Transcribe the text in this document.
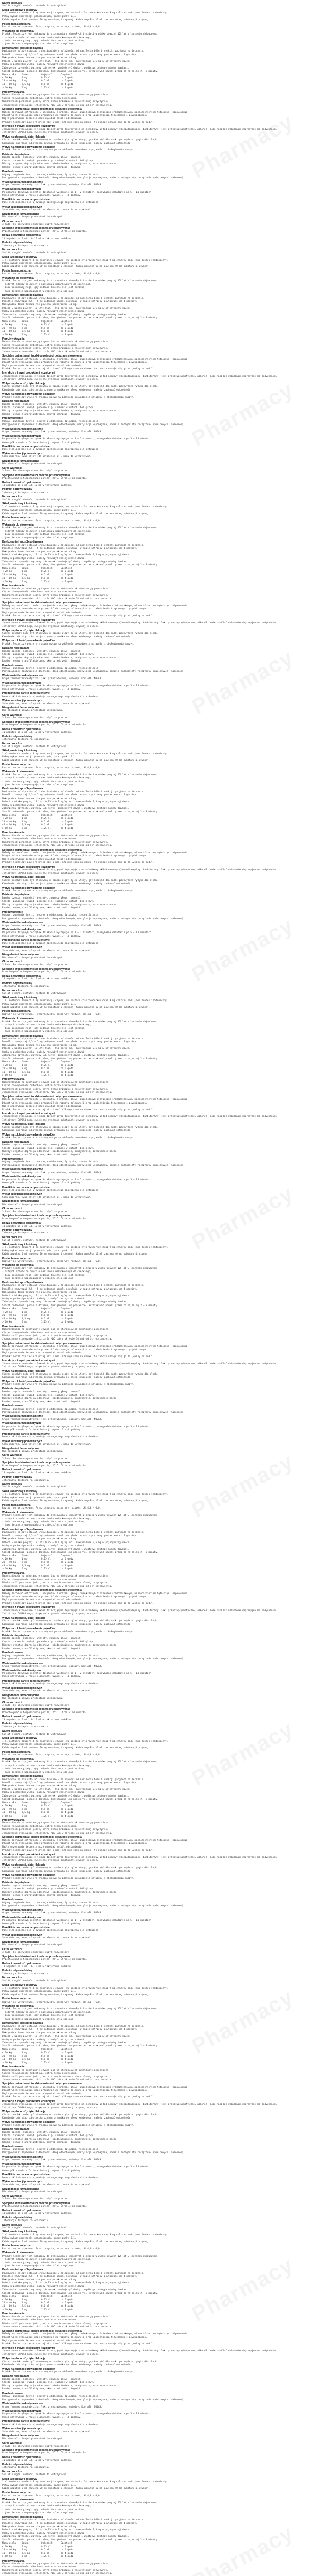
Nazwa produktu
Sunlit N mg/ml roztwór, roztwór do wstrzykiwań
Skład jakościowy i ilościowy
1 ml roztworu zawiera 4 mg substancji czynnej (w postaci chlorowodorku) oraz 9 mg chlorku sodu jako środek izotoniczny.
Pełny wykaz substancji pomocniczych, patrz punkt 6.1.
Każda ampułka 5 ml zawiera 20 mg substancji czynnej. Każda ampułka 10 ml zawiera 40 mg substancji czynnej.
Postać farmaceutyczna
Roztwór do wstrzykiwań. Przezroczysty, bezbarwny roztwór, pH 4,0 – 6,0.
Wskazania do stosowania
Produkt leczniczy jest wskazany do stosowania u dorosłych i dzieci w wieku powyżej 12 lat w leczeniu objawowym:
- ostrych stanów bólowych o nasileniu umiarkowanym do ciężkiego,
- bólu pooperacyjnego, gdy podanie doustne nie jest możliwe,
- jako leczenie wspomagające w znieczuleniu ogólnym.
Dawkowanie i sposób podawania
Dawkowanie należy ustalać indywidualnie w zależności od nasilenia bólu i reakcji pacjenta na leczenie.
Dorośli: zazwyczaj 2,5 – 5 mg podawane powoli dożylnie, w razie potrzeby powtarzane co 4 godziny.
Maksymalna dawka dobowa nie powinna przekraczać 40 mg.
Dzieci w wieku powyżej 12 lat: 0,05 – 0,1 mg/kg mc., maksymalnie 2,5 mg w pojedynczej dawce.
Osoby w podeszłym wieku: należy rozważyć zmniejszenie dawki.
Zaburzenia czynności wątroby lub nerek: zmniejszyć dawkę i wydłużyć odstępy między dawkami.
Sposób podawania: podanie dożylne, domięśniowe lub podskórne. Wstrzykiwać powoli przez co najmniej 2 – 3 minuty.
Masa ciała    Dawka         Objętość      Częstość
< 20 kg       1 mg          0,25 ml       co 6 godz.
20 – 40 kg    2 mg          0,5 ml        co 6 godz.
40 – 60 kg    2,5 mg        0,6 ml        co 4 godz.
> 60 kg       5 mg          1,25 ml       co 4 godz.
Przeciwwskazania
Nadwrażliwość na substancję czynną lub na którąkolwiek substancję pomocniczą.
Ciężka niewydolność oddechowa, ostra astma oskrzelowa.
Niedrożność porażenna jelit, ostre stany brzuszne o nieustalonej przyczynie.
Jednoczesne stosowanie inhibitorów MAO lub w okresie 14 dni od ich odstawienia.
Specjalne ostrzeżenia i środki ostrożności dotyczące stosowania
Należy zachować ostrożność u pacjentów z urazami głowy, zwiększonym ciśnieniem śródczaszkowym, niedociśnieniem tętniczym, hipowolemią.
Długotrwałe stosowanie może prowadzić do rozwoju tolerancji oraz uzależnienia fizycznego i psychicznego.
Nagłe przerwanie leczenia może wywołać zespół odstawienia.
Produkt leczniczy zawiera mniej niż 1 mmol (23 mg) sodu na dawkę, to znaczy uznaje się go za „wolny od sodu”.
Interakcje z innymi produktami leczniczymi
Jednoczesne stosowanie z lekami działającymi depresyjnie na ośrodkowy układ nerwowy (benzodiazepiny, barbiturany, leki przeciwpsychotyczne, alkohol) może nasilać działanie depresyjne na oddychanie.
Inhibitory CYP3A4 mogą zwiększać stężenie substancji czynnej w osoczu.
Wpływ na płodność, ciążę i laktację
Ciąża: produkt może być stosowany w czasie ciąży tylko wtedy, gdy korzyść dla matki przewyższa ryzyko dla płodu.
Karmienie piersią: substancja czynna przenika do mleka kobiecego; należy zachować ostrożność.
Wpływ na zdolność prowadzenia pojazdów
Produkt leczniczy wywiera znaczny wpływ na zdolność prowadzenia pojazdów i obsługiwania maszyn.
Działania niepożądane
Bardzo często: nudności, wymioty, zawroty głowy, senność.
Często: zaparcia, świąd, pocenie się, suchość w ustach, ból głowy.
Niezbyt często: depresja oddechowa, niedociśnienie, bradykardia, zatrzymanie moczu.
Rzadko: reakcje anafilaktyczne, skurcz oskrzeli, drgawki.
Przedawkowanie
Objawy: zwężenie źrenic, depresja oddechowa, śpiączka, niedociśnienie.
Postępowanie: zapewnienie drożności dróg oddechowych, wentylacja wspomagana, podanie antagonisty receptorów opioidowych (nalokson).
Właściwości farmakodynamiczne
Grupa farmakoterapeutyczna: leki przeciwbólowe, opioidy. Kod ATC: N02AB.
Właściwości farmakokinetyczne
Po podaniu dożylnym początek działania występuje po 1 – 2 minutach, maksymalne działanie po 5 – 10 minutach.
Okres półtrwania w fazie eliminacji wynosi 3 – 4 godziny.
Przedkliniczne dane o bezpieczeństwie
Dane niekliniczne nie ujawniają szczególnego zagrożenia dla człowieka.
Wykaz substancji pomocniczych
Sodu chlorek, kwas solny (do ustalenia pH), woda do wstrzykiwań.
Niezgodności farmaceutyczne
Nie mieszać z innymi produktami leczniczymi.
Okres ważności
3 lata. Po pierwszym otwarciu: zużyć natychmiast.
Specjalne środki ostrożności podczas przechowywania
Przechowywać w temperaturze poniżej 25°C. Chronić od światła.
Rodzaj i zawartość opakowania
10 ampułek po 5 ml lub 10 ml w tekturowym pudełku.
Podmiot odpowiedzialny
Informacja dostępna na opakowaniu.
Nazwa produktu
Sunlit N mg/ml roztwór, roztwór do wstrzykiwań
Skład jakościowy i ilościowy
1 ml roztworu zawiera 4 mg substancji czynnej (w postaci chlorowodorku) oraz 9 mg chlorku sodu jako środek izotoniczny.
Pełny wykaz substancji pomocniczych, patrz punkt 6.1.
Każda ampułka 5 ml zawiera 20 mg substancji czynnej. Każda ampułka 10 ml zawiera 40 mg substancji czynnej.
Postać farmaceutyczna
Roztwór do wstrzykiwań. Przezroczysty, bezbarwny roztwór, pH 4,0 – 6,0.
Wskazania do stosowania
Produkt leczniczy jest wskazany do stosowania u dorosłych i dzieci w wieku powyżej 12 lat w leczeniu objawowym:
- ostrych stanów bólowych o nasileniu umiarkowanym do ciężkiego,
- bólu pooperacyjnego, gdy podanie doustne nie jest możliwe,
- jako leczenie wspomagające w znieczuleniu ogólnym.
Dawkowanie i sposób podawania
Dawkowanie należy ustalać indywidualnie w zależności od nasilenia bólu i reakcji pacjenta na leczenie.
Dorośli: zazwyczaj 2,5 – 5 mg podawane powoli dożylnie, w razie potrzeby powtarzane co 4 godziny.
Maksymalna dawka dobowa nie powinna przekraczać 40 mg.
Dzieci w wieku powyżej 12 lat: 0,05 – 0,1 mg/kg mc., maksymalnie 2,5 mg w pojedynczej dawce.
Osoby w podeszłym wieku: należy rozważyć zmniejszenie dawki.
Zaburzenia czynności wątroby lub nerek: zmniejszyć dawkę i wydłużyć odstępy między dawkami.
Sposób podawania: podanie dożylne, domięśniowe lub podskórne. Wstrzykiwać powoli przez co najmniej 2 – 3 minuty.
Masa ciała    Dawka         Objętość      Częstość
< 20 kg       1 mg          0,25 ml       co 6 godz.
20 – 40 kg    2 mg          0,5 ml        co 6 godz.
40 – 60 kg    2,5 mg        0,6 ml        co 4 godz.
> 60 kg       5 mg          1,25 ml       co 4 godz.
Przeciwwskazania
Nadwrażliwość na substancję czynną lub na którąkolwiek substancję pomocniczą.
Ciężka niewydolność oddechowa, ostra astma oskrzelowa.
Niedrożność porażenna jelit, ostre stany brzuszne o nieustalonej przyczynie.
Jednoczesne stosowanie inhibitorów MAO lub w okresie 14 dni od ich odstawienia.
Specjalne ostrzeżenia i środki ostrożności dotyczące stosowania
Należy zachować ostrożność u pacjentów z urazami głowy, zwiększonym ciśnieniem śródczaszkowym, niedociśnieniem tętniczym, hipowolemią.
Długotrwałe stosowanie może prowadzić do rozwoju tolerancji oraz uzależnienia fizycznego i psychicznego.
Nagłe przerwanie leczenia może wywołać zespół odstawienia.
Produkt leczniczy zawiera mniej niż 1 mmol (23 mg) sodu na dawkę, to znaczy uznaje się go za „wolny od sodu”.
Interakcje z innymi produktami leczniczymi
Jednoczesne stosowanie z lekami działającymi depresyjnie na ośrodkowy układ nerwowy (benzodiazepiny, barbiturany, leki przeciwpsychotyczne, alkohol) może nasilać działanie depresyjne na oddychanie.
Inhibitory CYP3A4 mogą zwiększać stężenie substancji czynnej w osoczu.
Wpływ na płodność, ciążę i laktację
Ciąża: produkt może być stosowany w czasie ciąży tylko wtedy, gdy korzyść dla matki przewyższa ryzyko dla płodu.
Karmienie piersią: substancja czynna przenika do mleka kobiecego; należy zachować ostrożność.
Wpływ na zdolność prowadzenia pojazdów
Produkt leczniczy wywiera znaczny wpływ na zdolność prowadzenia pojazdów i obsługiwania maszyn.
Działania niepożądane
Bardzo często: nudności, wymioty, zawroty głowy, senność.
Często: zaparcia, świąd, pocenie się, suchość w ustach, ból głowy.
Niezbyt często: depresja oddechowa, niedociśnienie, bradykardia, zatrzymanie moczu.
Rzadko: reakcje anafilaktyczne, skurcz oskrzeli, drgawki.
Przedawkowanie
Objawy: zwężenie źrenic, depresja oddechowa, śpiączka, niedociśnienie.
Postępowanie: zapewnienie drożności dróg oddechowych, wentylacja wspomagana, podanie antagonisty receptorów opioidowych (nalokson).
Właściwości farmakodynamiczne
Grupa farmakoterapeutyczna: leki przeciwbólowe, opioidy. Kod ATC: N02AB.
Właściwości farmakokinetyczne
Po podaniu dożylnym początek działania występuje po 1 – 2 minutach, maksymalne działanie po 5 – 10 minutach.
Okres półtrwania w fazie eliminacji wynosi 3 – 4 godziny.
Przedkliniczne dane o bezpieczeństwie
Dane niekliniczne nie ujawniają szczególnego zagrożenia dla człowieka.
Wykaz substancji pomocniczych
Sodu chlorek, kwas solny (do ustalenia pH), woda do wstrzykiwań.
Niezgodności farmaceutyczne
Nie mieszać z innymi produktami leczniczymi.
Okres ważności
3 lata. Po pierwszym otwarciu: zużyć natychmiast.
Specjalne środki ostrożności podczas przechowywania
Przechowywać w temperaturze poniżej 25°C. Chronić od światła.
Rodzaj i zawartość opakowania
10 ampułek po 5 ml lub 10 ml w tekturowym pudełku.
Podmiot odpowiedzialny
Informacja dostępna na opakowaniu.
Nazwa produktu
Sunlit N mg/ml roztwór, roztwór do wstrzykiwań
Skład jakościowy i ilościowy
1 ml roztworu zawiera 4 mg substancji czynnej (w postaci chlorowodorku) oraz 9 mg chlorku sodu jako środek izotoniczny.
Pełny wykaz substancji pomocniczych, patrz punkt 6.1.
Każda ampułka 5 ml zawiera 20 mg substancji czynnej. Każda ampułka 10 ml zawiera 40 mg substancji czynnej.
Postać farmaceutyczna
Roztwór do wstrzykiwań. Przezroczysty, bezbarwny roztwór, pH 4,0 – 6,0.
Wskazania do stosowania
Produkt leczniczy jest wskazany do stosowania u dorosłych i dzieci w wieku powyżej 12 lat w leczeniu objawowym:
- ostrych stanów bólowych o nasileniu umiarkowanym do ciężkiego,
- bólu pooperacyjnego, gdy podanie doustne nie jest możliwe,
- jako leczenie wspomagające w znieczuleniu ogólnym.
Dawkowanie i sposób podawania
Dawkowanie należy ustalać indywidualnie w zależności od nasilenia bólu i reakcji pacjenta na leczenie.
Dorośli: zazwyczaj 2,5 – 5 mg podawane powoli dożylnie, w razie potrzeby powtarzane co 4 godziny.
Maksymalna dawka dobowa nie powinna przekraczać 40 mg.
Dzieci w wieku powyżej 12 lat: 0,05 – 0,1 mg/kg mc., maksymalnie 2,5 mg w pojedynczej dawce.
Osoby w podeszłym wieku: należy rozważyć zmniejszenie dawki.
Zaburzenia czynności wątroby lub nerek: zmniejszyć dawkę i wydłużyć odstępy między dawkami.
Sposób podawania: podanie dożylne, domięśniowe lub podskórne. Wstrzykiwać powoli przez co najmniej 2 – 3 minuty.
Masa ciała    Dawka         Objętość      Częstość
< 20 kg       1 mg          0,25 ml       co 6 godz.
20 – 40 kg    2 mg          0,5 ml        co 6 godz.
40 – 60 kg    2,5 mg        0,6 ml        co 4 godz.
> 60 kg       5 mg          1,25 ml       co 4 godz.
Przeciwwskazania
Nadwrażliwość na substancję czynną lub na którąkolwiek substancję pomocniczą.
Ciężka niewydolność oddechowa, ostra astma oskrzelowa.
Niedrożność porażenna jelit, ostre stany brzuszne o nieustalonej przyczynie.
Jednoczesne stosowanie inhibitorów MAO lub w okresie 14 dni od ich odstawienia.
Specjalne ostrzeżenia i środki ostrożności dotyczące stosowania
Należy zachować ostrożność u pacjentów z urazami głowy, zwiększonym ciśnieniem śródczaszkowym, niedociśnieniem tętniczym, hipowolemią.
Długotrwałe stosowanie może prowadzić do rozwoju tolerancji oraz uzależnienia fizycznego i psychicznego.
Nagłe przerwanie leczenia może wywołać zespół odstawienia.
Produkt leczniczy zawiera mniej niż 1 mmol (23 mg) sodu na dawkę, to znaczy uznaje się go za „wolny od sodu”.
Interakcje z innymi produktami leczniczymi
Jednoczesne stosowanie z lekami działającymi depresyjnie na ośrodkowy układ nerwowy (benzodiazepiny, barbiturany, leki przeciwpsychotyczne, alkohol) może nasilać działanie depresyjne na oddychanie.
Inhibitory CYP3A4 mogą zwiększać stężenie substancji czynnej w osoczu.
Wpływ na płodność, ciążę i laktację
Ciąża: produkt może być stosowany w czasie ciąży tylko wtedy, gdy korzyść dla matki przewyższa ryzyko dla płodu.
Karmienie piersią: substancja czynna przenika do mleka kobiecego; należy zachować ostrożność.
Wpływ na zdolność prowadzenia pojazdów
Produkt leczniczy wywiera znaczny wpływ na zdolność prowadzenia pojazdów i obsługiwania maszyn.
Działania niepożądane
Bardzo często: nudności, wymioty, zawroty głowy, senność.
Często: zaparcia, świąd, pocenie się, suchość w ustach, ból głowy.
Niezbyt często: depresja oddechowa, niedociśnienie, bradykardia, zatrzymanie moczu.
Rzadko: reakcje anafilaktyczne, skurcz oskrzeli, drgawki.
Przedawkowanie
Objawy: zwężenie źrenic, depresja oddechowa, śpiączka, niedociśnienie.
Postępowanie: zapewnienie drożności dróg oddechowych, wentylacja wspomagana, podanie antagonisty receptorów opioidowych (nalokson).
Właściwości farmakodynamiczne
Grupa farmakoterapeutyczna: leki przeciwbólowe, opioidy. Kod ATC: N02AB.
Właściwości farmakokinetyczne
Po podaniu dożylnym początek działania występuje po 1 – 2 minutach, maksymalne działanie po 5 – 10 minutach.
Okres półtrwania w fazie eliminacji wynosi 3 – 4 godziny.
Przedkliniczne dane o bezpieczeństwie
Dane niekliniczne nie ujawniają szczególnego zagrożenia dla człowieka.
Wykaz substancji pomocniczych
Sodu chlorek, kwas solny (do ustalenia pH), woda do wstrzykiwań.
Niezgodności farmaceutyczne
Nie mieszać z innymi produktami leczniczymi.
Okres ważności
3 lata. Po pierwszym otwarciu: zużyć natychmiast.
Specjalne środki ostrożności podczas przechowywania
Przechowywać w temperaturze poniżej 25°C. Chronić od światła.
Rodzaj i zawartość opakowania
10 ampułek po 5 ml lub 10 ml w tekturowym pudełku.
Podmiot odpowiedzialny
Informacja dostępna na opakowaniu.
Nazwa produktu
Sunlit N mg/ml roztwór, roztwór do wstrzykiwań
Skład jakościowy i ilościowy
1 ml roztworu zawiera 4 mg substancji czynnej (w postaci chlorowodorku) oraz 9 mg chlorku sodu jako środek izotoniczny.
Pełny wykaz substancji pomocniczych, patrz punkt 6.1.
Każda ampułka 5 ml zawiera 20 mg substancji czynnej. Każda ampułka 10 ml zawiera 40 mg substancji czynnej.
Postać farmaceutyczna
Roztwór do wstrzykiwań. Przezroczysty, bezbarwny roztwór, pH 4,0 – 6,0.
Wskazania do stosowania
Produkt leczniczy jest wskazany do stosowania u dorosłych i dzieci w wieku powyżej 12 lat w leczeniu objawowym:
- ostrych stanów bólowych o nasileniu umiarkowanym do ciężkiego,
- bólu pooperacyjnego, gdy podanie doustne nie jest możliwe,
- jako leczenie wspomagające w znieczuleniu ogólnym.
Dawkowanie i sposób podawania
Dawkowanie należy ustalać indywidualnie w zależności od nasilenia bólu i reakcji pacjenta na leczenie.
Dorośli: zazwyczaj 2,5 – 5 mg podawane powoli dożylnie, w razie potrzeby powtarzane co 4 godziny.
Maksymalna dawka dobowa nie powinna przekraczać 40 mg.
Dzieci w wieku powyżej 12 lat: 0,05 – 0,1 mg/kg mc., maksymalnie 2,5 mg w pojedynczej dawce.
Osoby w podeszłym wieku: należy rozważyć zmniejszenie dawki.
Zaburzenia czynności wątroby lub nerek: zmniejszyć dawkę i wydłużyć odstępy między dawkami.
Sposób podawania: podanie dożylne, domięśniowe lub podskórne. Wstrzykiwać powoli przez co najmniej 2 – 3 minuty.
Masa ciała    Dawka         Objętość      Częstość
< 20 kg       1 mg          0,25 ml       co 6 godz.
20 – 40 kg    2 mg          0,5 ml        co 6 godz.
40 – 60 kg    2,5 mg        0,6 ml        co 4 godz.
> 60 kg       5 mg          1,25 ml       co 4 godz.
Przeciwwskazania
Nadwrażliwość na substancję czynną lub na którąkolwiek substancję pomocniczą.
Ciężka niewydolność oddechowa, ostra astma oskrzelowa.
Niedrożność porażenna jelit, ostre stany brzuszne o nieustalonej przyczynie.
Jednoczesne stosowanie inhibitorów MAO lub w okresie 14 dni od ich odstawienia.
Specjalne ostrzeżenia i środki ostrożności dotyczące stosowania
Należy zachować ostrożność u pacjentów z urazami głowy, zwiększonym ciśnieniem śródczaszkowym, niedociśnieniem tętniczym, hipowolemią.
Długotrwałe stosowanie może prowadzić do rozwoju tolerancji oraz uzależnienia fizycznego i psychicznego.
Nagłe przerwanie leczenia może wywołać zespół odstawienia.
Produkt leczniczy zawiera mniej niż 1 mmol (23 mg) sodu na dawkę, to znaczy uznaje się go za „wolny od sodu”.
Interakcje z innymi produktami leczniczymi
Jednoczesne stosowanie z lekami działającymi depresyjnie na ośrodkowy układ nerwowy (benzodiazepiny, barbiturany, leki przeciwpsychotyczne, alkohol) może nasilać działanie depresyjne na oddychanie.
Inhibitory CYP3A4 mogą zwiększać stężenie substancji czynnej w osoczu.
Wpływ na płodność, ciążę i laktację
Ciąża: produkt może być stosowany w czasie ciąży tylko wtedy, gdy korzyść dla matki przewyższa ryzyko dla płodu.
Karmienie piersią: substancja czynna przenika do mleka kobiecego; należy zachować ostrożność.
Wpływ na zdolność prowadzenia pojazdów
Produkt leczniczy wywiera znaczny wpływ na zdolność prowadzenia pojazdów i obsługiwania maszyn.
Działania niepożądane
Bardzo często: nudności, wymioty, zawroty głowy, senność.
Często: zaparcia, świąd, pocenie się, suchość w ustach, ból głowy.
Niezbyt często: depresja oddechowa, niedociśnienie, bradykardia, zatrzymanie moczu.
Rzadko: reakcje anafilaktyczne, skurcz oskrzeli, drgawki.
Przedawkowanie
Objawy: zwężenie źrenic, depresja oddechowa, śpiączka, niedociśnienie.
Postępowanie: zapewnienie drożności dróg oddechowych, wentylacja wspomagana, podanie antagonisty receptorów opioidowych (nalokson).
Właściwości farmakodynamiczne
Grupa farmakoterapeutyczna: leki przeciwbólowe, opioidy. Kod ATC: N02AB.
Właściwości farmakokinetyczne
Po podaniu dożylnym początek działania występuje po 1 – 2 minutach, maksymalne działanie po 5 – 10 minutach.
Okres półtrwania w fazie eliminacji wynosi 3 – 4 godziny.
Przedkliniczne dane o bezpieczeństwie
Dane niekliniczne nie ujawniają szczególnego zagrożenia dla człowieka.
Wykaz substancji pomocniczych
Sodu chlorek, kwas solny (do ustalenia pH), woda do wstrzykiwań.
Niezgodności farmaceutyczne
Nie mieszać z innymi produktami leczniczymi.
Okres ważności
3 lata. Po pierwszym otwarciu: zużyć natychmiast.
Specjalne środki ostrożności podczas przechowywania
Przechowywać w temperaturze poniżej 25°C. Chronić od światła.
Rodzaj i zawartość opakowania
10 ampułek po 5 ml lub 10 ml w tekturowym pudełku.
Podmiot odpowiedzialny
Informacja dostępna na opakowaniu.
Nazwa produktu
Sunlit N mg/ml roztwór, roztwór do wstrzykiwań
Skład jakościowy i ilościowy
1 ml roztworu zawiera 4 mg substancji czynnej (w postaci chlorowodorku) oraz 9 mg chlorku sodu jako środek izotoniczny.
Pełny wykaz substancji pomocniczych, patrz punkt 6.1.
Każda ampułka 5 ml zawiera 20 mg substancji czynnej. Każda ampułka 10 ml zawiera 40 mg substancji czynnej.
Postać farmaceutyczna
Roztwór do wstrzykiwań. Przezroczysty, bezbarwny roztwór, pH 4,0 – 6,0.
Wskazania do stosowania
Produkt leczniczy jest wskazany do stosowania u dorosłych i dzieci w wieku powyżej 12 lat w leczeniu objawowym:
- ostrych stanów bólowych o nasileniu umiarkowanym do ciężkiego,
- bólu pooperacyjnego, gdy podanie doustne nie jest możliwe,
- jako leczenie wspomagające w znieczuleniu ogólnym.
Dawkowanie i sposób podawania
Dawkowanie należy ustalać indywidualnie w zależności od nasilenia bólu i reakcji pacjenta na leczenie.
Dorośli: zazwyczaj 2,5 – 5 mg podawane powoli dożylnie, w razie potrzeby powtarzane co 4 godziny.
Maksymalna dawka dobowa nie powinna przekraczać 40 mg.
Dzieci w wieku powyżej 12 lat: 0,05 – 0,1 mg/kg mc., maksymalnie 2,5 mg w pojedynczej dawce.
Osoby w podeszłym wieku: należy rozważyć zmniejszenie dawki.
Zaburzenia czynności wątroby lub nerek: zmniejszyć dawkę i wydłużyć odstępy między dawkami.
Sposób podawania: podanie dożylne, domięśniowe lub podskórne. Wstrzykiwać powoli przez co najmniej 2 – 3 minuty.
Masa ciała    Dawka         Objętość      Częstość
< 20 kg       1 mg          0,25 ml       co 6 godz.
20 – 40 kg    2 mg          0,5 ml        co 6 godz.
40 – 60 kg    2,5 mg        0,6 ml        co 4 godz.
> 60 kg       5 mg          1,25 ml       co 4 godz.
Przeciwwskazania
Nadwrażliwość na substancję czynną lub na którąkolwiek substancję pomocniczą.
Ciężka niewydolność oddechowa, ostra astma oskrzelowa.
Niedrożność porażenna jelit, ostre stany brzuszne o nieustalonej przyczynie.
Jednoczesne stosowanie inhibitorów MAO lub w okresie 14 dni od ich odstawienia.
Specjalne ostrzeżenia i środki ostrożności dotyczące stosowania
Należy zachować ostrożność u pacjentów z urazami głowy, zwiększonym ciśnieniem śródczaszkowym, niedociśnieniem tętniczym, hipowolemią.
Długotrwałe stosowanie może prowadzić do rozwoju tolerancji oraz uzależnienia fizycznego i psychicznego.
Nagłe przerwanie leczenia może wywołać zespół odstawienia.
Produkt leczniczy zawiera mniej niż 1 mmol (23 mg) sodu na dawkę, to znaczy uznaje się go za „wolny od sodu”.
Interakcje z innymi produktami leczniczymi
Jednoczesne stosowanie z lekami działającymi depresyjnie na ośrodkowy układ nerwowy (benzodiazepiny, barbiturany, leki przeciwpsychotyczne, alkohol) może nasilać działanie depresyjne na oddychanie.
Inhibitory CYP3A4 mogą zwiększać stężenie substancji czynnej w osoczu.
Wpływ na płodność, ciążę i laktację
Ciąża: produkt może być stosowany w czasie ciąży tylko wtedy, gdy korzyść dla matki przewyższa ryzyko dla płodu.
Karmienie piersią: substancja czynna przenika do mleka kobiecego; należy zachować ostrożność.
Wpływ na zdolność prowadzenia pojazdów
Produkt leczniczy wywiera znaczny wpływ na zdolność prowadzenia pojazdów i obsługiwania maszyn.
Działania niepożądane
Bardzo często: nudności, wymioty, zawroty głowy, senność.
Często: zaparcia, świąd, pocenie się, suchość w ustach, ból głowy.
Niezbyt często: depresja oddechowa, niedociśnienie, bradykardia, zatrzymanie moczu.
Rzadko: reakcje anafilaktyczne, skurcz oskrzeli, drgawki.
Przedawkowanie
Objawy: zwężenie źrenic, depresja oddechowa, śpiączka, niedociśnienie.
Postępowanie: zapewnienie drożności dróg oddechowych, wentylacja wspomagana, podanie antagonisty receptorów opioidowych (nalokson).
Właściwości farmakodynamiczne
Grupa farmakoterapeutyczna: leki przeciwbólowe, opioidy. Kod ATC: N02AB.
Właściwości farmakokinetyczne
Po podaniu dożylnym początek działania występuje po 1 – 2 minutach, maksymalne działanie po 5 – 10 minutach.
Okres półtrwania w fazie eliminacji wynosi 3 – 4 godziny.
Przedkliniczne dane o bezpieczeństwie
Dane niekliniczne nie ujawniają szczególnego zagrożenia dla człowieka.
Wykaz substancji pomocniczych
Sodu chlorek, kwas solny (do ustalenia pH), woda do wstrzykiwań.
Niezgodności farmaceutyczne
Nie mieszać z innymi produktami leczniczymi.
Okres ważności
3 lata. Po pierwszym otwarciu: zużyć natychmiast.
Specjalne środki ostrożności podczas przechowywania
Przechowywać w temperaturze poniżej 25°C. Chronić od światła.
Rodzaj i zawartość opakowania
10 ampułek po 5 ml lub 10 ml w tekturowym pudełku.
Podmiot odpowiedzialny
Informacja dostępna na opakowaniu.
Nazwa produktu
Sunlit N mg/ml roztwór, roztwór do wstrzykiwań
Skład jakościowy i ilościowy
1 ml roztworu zawiera 4 mg substancji czynnej (w postaci chlorowodorku) oraz 9 mg chlorku sodu jako środek izotoniczny.
Pełny wykaz substancji pomocniczych, patrz punkt 6.1.
Każda ampułka 5 ml zawiera 20 mg substancji czynnej. Każda ampułka 10 ml zawiera 40 mg substancji czynnej.
Postać farmaceutyczna
Roztwór do wstrzykiwań. Przezroczysty, bezbarwny roztwór, pH 4,0 – 6,0.
Wskazania do stosowania
Produkt leczniczy jest wskazany do stosowania u dorosłych i dzieci w wieku powyżej 12 lat w leczeniu objawowym:
- ostrych stanów bólowych o nasileniu umiarkowanym do ciężkiego,
- bólu pooperacyjnego, gdy podanie doustne nie jest możliwe,
- jako leczenie wspomagające w znieczuleniu ogólnym.
Dawkowanie i sposób podawania
Dawkowanie należy ustalać indywidualnie w zależności od nasilenia bólu i reakcji pacjenta na leczenie.
Dorośli: zazwyczaj 2,5 – 5 mg podawane powoli dożylnie, w razie potrzeby powtarzane co 4 godziny.
Maksymalna dawka dobowa nie powinna przekraczać 40 mg.
Dzieci w wieku powyżej 12 lat: 0,05 – 0,1 mg/kg mc., maksymalnie 2,5 mg w pojedynczej dawce.
Osoby w podeszłym wieku: należy rozważyć zmniejszenie dawki.
Zaburzenia czynności wątroby lub nerek: zmniejszyć dawkę i wydłużyć odstępy między dawkami.
Sposób podawania: podanie dożylne, domięśniowe lub podskórne. Wstrzykiwać powoli przez co najmniej 2 – 3 minuty.
Masa ciała    Dawka         Objętość      Częstość
< 20 kg       1 mg          0,25 ml       co 6 godz.
20 – 40 kg    2 mg          0,5 ml        co 6 godz.
40 – 60 kg    2,5 mg        0,6 ml        co 4 godz.
> 60 kg       5 mg          1,25 ml       co 4 godz.
Przeciwwskazania
Nadwrażliwość na substancję czynną lub na którąkolwiek substancję pomocniczą.
Ciężka niewydolność oddechowa, ostra astma oskrzelowa.
Niedrożność porażenna jelit, ostre stany brzuszne o nieustalonej przyczynie.
Jednoczesne stosowanie inhibitorów MAO lub w okresie 14 dni od ich odstawienia.
Specjalne ostrzeżenia i środki ostrożności dotyczące stosowania
Należy zachować ostrożność u pacjentów z urazami głowy, zwiększonym ciśnieniem śródczaszkowym, niedociśnieniem tętniczym, hipowolemią.
Długotrwałe stosowanie może prowadzić do rozwoju tolerancji oraz uzależnienia fizycznego i psychicznego.
Nagłe przerwanie leczenia może wywołać zespół odstawienia.
Produkt leczniczy zawiera mniej niż 1 mmol (23 mg) sodu na dawkę, to znaczy uznaje się go za „wolny od sodu”.
Interakcje z innymi produktami leczniczymi
Jednoczesne stosowanie z lekami działającymi depresyjnie na ośrodkowy układ nerwowy (benzodiazepiny, barbiturany, leki przeciwpsychotyczne, alkohol) może nasilać działanie depresyjne na oddychanie.
Inhibitory CYP3A4 mogą zwiększać stężenie substancji czynnej w osoczu.
Wpływ na płodność, ciążę i laktację
Ciąża: produkt może być stosowany w czasie ciąży tylko wtedy, gdy korzyść dla matki przewyższa ryzyko dla płodu.
Karmienie piersią: substancja czynna przenika do mleka kobiecego; należy zachować ostrożność.
Wpływ na zdolność prowadzenia pojazdów
Produkt leczniczy wywiera znaczny wpływ na zdolność prowadzenia pojazdów i obsługiwania maszyn.
Działania niepożądane
Bardzo często: nudności, wymioty, zawroty głowy, senność.
Często: zaparcia, świąd, pocenie się, suchość w ustach, ból głowy.
Niezbyt często: depresja oddechowa, niedociśnienie, bradykardia, zatrzymanie moczu.
Rzadko: reakcje anafilaktyczne, skurcz oskrzeli, drgawki.
Przedawkowanie
Objawy: zwężenie źrenic, depresja oddechowa, śpiączka, niedociśnienie.
Postępowanie: zapewnienie drożności dróg oddechowych, wentylacja wspomagana, podanie antagonisty receptorów opioidowych (nalokson).
Właściwości farmakodynamiczne
Grupa farmakoterapeutyczna: leki przeciwbólowe, opioidy. Kod ATC: N02AB.
Właściwości farmakokinetyczne
Po podaniu dożylnym początek działania występuje po 1 – 2 minutach, maksymalne działanie po 5 – 10 minutach.
Okres półtrwania w fazie eliminacji wynosi 3 – 4 godziny.
Przedkliniczne dane o bezpieczeństwie
Dane niekliniczne nie ujawniają szczególnego zagrożenia dla człowieka.
Wykaz substancji pomocniczych
Sodu chlorek, kwas solny (do ustalenia pH), woda do wstrzykiwań.
Niezgodności farmaceutyczne
Nie mieszać z innymi produktami leczniczymi.
Okres ważności
3 lata. Po pierwszym otwarciu: zużyć natychmiast.
Specjalne środki ostrożności podczas przechowywania
Przechowywać w temperaturze poniżej 25°C. Chronić od światła.
Rodzaj i zawartość opakowania
10 ampułek po 5 ml lub 10 ml w tekturowym pudełku.
Podmiot odpowiedzialny
Informacja dostępna na opakowaniu.
Nazwa produktu
Sunlit N mg/ml roztwór, roztwór do wstrzykiwań
Skład jakościowy i ilościowy
1 ml roztworu zawiera 4 mg substancji czynnej (w postaci chlorowodorku) oraz 9 mg chlorku sodu jako środek izotoniczny.
Pełny wykaz substancji pomocniczych, patrz punkt 6.1.
Każda ampułka 5 ml zawiera 20 mg substancji czynnej. Każda ampułka 10 ml zawiera 40 mg substancji czynnej.
Postać farmaceutyczna
Roztwór do wstrzykiwań. Przezroczysty, bezbarwny roztwór, pH 4,0 – 6,0.
Wskazania do stosowania
Produkt leczniczy jest wskazany do stosowania u dorosłych i dzieci w wieku powyżej 12 lat w leczeniu objawowym:
- ostrych stanów bólowych o nasileniu umiarkowanym do ciężkiego,
- bólu pooperacyjnego, gdy podanie doustne nie jest możliwe,
- jako leczenie wspomagające w znieczuleniu ogólnym.
Dawkowanie i sposób podawania
Dawkowanie należy ustalać indywidualnie w zależności od nasilenia bólu i reakcji pacjenta na leczenie.
Dorośli: zazwyczaj 2,5 – 5 mg podawane powoli dożylnie, w razie potrzeby powtarzane co 4 godziny.
Maksymalna dawka dobowa nie powinna przekraczać 40 mg.
Dzieci w wieku powyżej 12 lat: 0,05 – 0,1 mg/kg mc., maksymalnie 2,5 mg w pojedynczej dawce.
Osoby w podeszłym wieku: należy rozważyć zmniejszenie dawki.
Zaburzenia czynności wątroby lub nerek: zmniejszyć dawkę i wydłużyć odstępy między dawkami.
Sposób podawania: podanie dożylne, domięśniowe lub podskórne. Wstrzykiwać powoli przez co najmniej 2 – 3 minuty.
Masa ciała    Dawka         Objętość      Częstość
< 20 kg       1 mg          0,25 ml       co 6 godz.
20 – 40 kg    2 mg          0,5 ml        co 6 godz.
40 – 60 kg    2,5 mg        0,6 ml        co 4 godz.
> 60 kg       5 mg          1,25 ml       co 4 godz.
Przeciwwskazania
Nadwrażliwość na substancję czynną lub na którąkolwiek substancję pomocniczą.
Ciężka niewydolność oddechowa, ostra astma oskrzelowa.
Niedrożność porażenna jelit, ostre stany brzuszne o nieustalonej przyczynie.
Jednoczesne stosowanie inhibitorów MAO lub w okresie 14 dni od ich odstawienia.
Specjalne ostrzeżenia i środki ostrożności dotyczące stosowania
Należy zachować ostrożność u pacjentów z urazami głowy, zwiększonym ciśnieniem śródczaszkowym, niedociśnieniem tętniczym, hipowolemią.
Długotrwałe stosowanie może prowadzić do rozwoju tolerancji oraz uzależnienia fizycznego i psychicznego.
Nagłe przerwanie leczenia może wywołać zespół odstawienia.
Produkt leczniczy zawiera mniej niż 1 mmol (23 mg) sodu na dawkę, to znaczy uznaje się go za „wolny od sodu”.
Interakcje z innymi produktami leczniczymi
Jednoczesne stosowanie z lekami działającymi depresyjnie na ośrodkowy układ nerwowy (benzodiazepiny, barbiturany, leki przeciwpsychotyczne, alkohol) może nasilać działanie depresyjne na oddychanie.
Inhibitory CYP3A4 mogą zwiększać stężenie substancji czynnej w osoczu.
Wpływ na płodność, ciążę i laktację
Ciąża: produkt może być stosowany w czasie ciąży tylko wtedy, gdy korzyść dla matki przewyższa ryzyko dla płodu.
Karmienie piersią: substancja czynna przenika do mleka kobiecego; należy zachować ostrożność.
Wpływ na zdolność prowadzenia pojazdów
Produkt leczniczy wywiera znaczny wpływ na zdolność prowadzenia pojazdów i obsługiwania maszyn.
Działania niepożądane
Bardzo często: nudności, wymioty, zawroty głowy, senność.
Często: zaparcia, świąd, pocenie się, suchość w ustach, ból głowy.
Niezbyt często: depresja oddechowa, niedociśnienie, bradykardia, zatrzymanie moczu.
Rzadko: reakcje anafilaktyczne, skurcz oskrzeli, drgawki.
Przedawkowanie
Objawy: zwężenie źrenic, depresja oddechowa, śpiączka, niedociśnienie.
Postępowanie: zapewnienie drożności dróg oddechowych, wentylacja wspomagana, podanie antagonisty receptorów opioidowych (nalokson).
Właściwości farmakodynamiczne
Grupa farmakoterapeutyczna: leki przeciwbólowe, opioidy. Kod ATC: N02AB.
Właściwości farmakokinetyczne
Po podaniu dożylnym początek działania występuje po 1 – 2 minutach, maksymalne działanie po 5 – 10 minutach.
Okres półtrwania w fazie eliminacji wynosi 3 – 4 godziny.
Przedkliniczne dane o bezpieczeństwie
Dane niekliniczne nie ujawniają szczególnego zagrożenia dla człowieka.
Wykaz substancji pomocniczych
Sodu chlorek, kwas solny (do ustalenia pH), woda do wstrzykiwań.
Niezgodności farmaceutyczne
Nie mieszać z innymi produktami leczniczymi.
Okres ważności
3 lata. Po pierwszym otwarciu: zużyć natychmiast.
Specjalne środki ostrożności podczas przechowywania
Przechowywać w temperaturze poniżej 25°C. Chronić od światła.
Rodzaj i zawartość opakowania
10 ampułek po 5 ml lub 10 ml w tekturowym pudełku.
Podmiot odpowiedzialny
Informacja dostępna na opakowaniu.
Nazwa produktu
Sunlit N mg/ml roztwór, roztwór do wstrzykiwań
Skład jakościowy i ilościowy
1 ml roztworu zawiera 4 mg substancji czynnej (w postaci chlorowodorku) oraz 9 mg chlorku sodu jako środek izotoniczny.
Pełny wykaz substancji pomocniczych, patrz punkt 6.1.
Każda ampułka 5 ml zawiera 20 mg substancji czynnej. Każda ampułka 10 ml zawiera 40 mg substancji czynnej.
Postać farmaceutyczna
Roztwór do wstrzykiwań. Przezroczysty, bezbarwny roztwór, pH 4,0 – 6,0.
Wskazania do stosowania
Produkt leczniczy jest wskazany do stosowania u dorosłych i dzieci w wieku powyżej 12 lat w leczeniu objawowym:
- ostrych stanów bólowych o nasileniu umiarkowanym do ciężkiego,
- bólu pooperacyjnego, gdy podanie doustne nie jest możliwe,
- jako leczenie wspomagające w znieczuleniu ogólnym.
Dawkowanie i sposób podawania
Dawkowanie należy ustalać indywidualnie w zależności od nasilenia bólu i reakcji pacjenta na leczenie.
Dorośli: zazwyczaj 2,5 – 5 mg podawane powoli dożylnie, w razie potrzeby powtarzane co 4 godziny.
Maksymalna dawka dobowa nie powinna przekraczać 40 mg.
Dzieci w wieku powyżej 12 lat: 0,05 – 0,1 mg/kg mc., maksymalnie 2,5 mg w pojedynczej dawce.
Osoby w podeszłym wieku: należy rozważyć zmniejszenie dawki.
Zaburzenia czynności wątroby lub nerek: zmniejszyć dawkę i wydłużyć odstępy między dawkami.
Sposób podawania: podanie dożylne, domięśniowe lub podskórne. Wstrzykiwać powoli przez co najmniej 2 – 3 minuty.
Masa ciała    Dawka         Objętość      Częstość
< 20 kg       1 mg          0,25 ml       co 6 godz.
20 – 40 kg    2 mg          0,5 ml        co 6 godz.
40 – 60 kg    2,5 mg        0,6 ml        co 4 godz.
> 60 kg       5 mg          1,25 ml       co 4 godz.
Przeciwwskazania
Nadwrażliwość na substancję czynną lub na którąkolwiek substancję pomocniczą.
Ciężka niewydolność oddechowa, ostra astma oskrzelowa.
Niedrożność porażenna jelit, ostre stany brzuszne o nieustalonej przyczynie.
Jednoczesne stosowanie inhibitorów MAO lub w okresie 14 dni od ich odstawienia.
Specjalne ostrzeżenia i środki ostrożności dotyczące stosowania
Należy zachować ostrożność u pacjentów z urazami głowy, zwiększonym ciśnieniem śródczaszkowym, niedociśnieniem tętniczym, hipowolemią.
Długotrwałe stosowanie może prowadzić do rozwoju tolerancji oraz uzależnienia fizycznego i psychicznego.
Nagłe przerwanie leczenia może wywołać zespół odstawienia.
Produkt leczniczy zawiera mniej niż 1 mmol (23 mg) sodu na dawkę, to znaczy uznaje się go za „wolny od sodu”.
Interakcje z innymi produktami leczniczymi
Jednoczesne stosowanie z lekami działającymi depresyjnie na ośrodkowy układ nerwowy (benzodiazepiny, barbiturany, leki przeciwpsychotyczne, alkohol) może nasilać działanie depresyjne na oddychanie.
Inhibitory CYP3A4 mogą zwiększać stężenie substancji czynnej w osoczu.
Wpływ na płodność, ciążę i laktację
Ciąża: produkt może być stosowany w czasie ciąży tylko wtedy, gdy korzyść dla matki przewyższa ryzyko dla płodu.
Karmienie piersią: substancja czynna przenika do mleka kobiecego; należy zachować ostrożność.
Wpływ na zdolność prowadzenia pojazdów
Produkt leczniczy wywiera znaczny wpływ na zdolność prowadzenia pojazdów i obsługiwania maszyn.
Działania niepożądane
Bardzo często: nudności, wymioty, zawroty głowy, senność.
Często: zaparcia, świąd, pocenie się, suchość w ustach, ból głowy.
Niezbyt często: depresja oddechowa, niedociśnienie, bradykardia, zatrzymanie moczu.
Rzadko: reakcje anafilaktyczne, skurcz oskrzeli, drgawki.
Przedawkowanie
Objawy: zwężenie źrenic, depresja oddechowa, śpiączka, niedociśnienie.
Postępowanie: zapewnienie drożności dróg oddechowych, wentylacja wspomagana, podanie antagonisty receptorów opioidowych (nalokson).
Właściwości farmakodynamiczne
Grupa farmakoterapeutyczna: leki przeciwbólowe, opioidy. Kod ATC: N02AB.
Właściwości farmakokinetyczne
Po podaniu dożylnym początek działania występuje po 1 – 2 minutach, maksymalne działanie po 5 – 10 minutach.
Okres półtrwania w fazie eliminacji wynosi 3 – 4 godziny.
Przedkliniczne dane o bezpieczeństwie
Dane niekliniczne nie ujawniają szczególnego zagrożenia dla człowieka.
Wykaz substancji pomocniczych
Sodu chlorek, kwas solny (do ustalenia pH), woda do wstrzykiwań.
Niezgodności farmaceutyczne
Nie mieszać z innymi produktami leczniczymi.
Okres ważności
3 lata. Po pierwszym otwarciu: zużyć natychmiast.
Specjalne środki ostrożności podczas przechowywania
Przechowywać w temperaturze poniżej 25°C. Chronić od światła.
Rodzaj i zawartość opakowania
10 ampułek po 5 ml lub 10 ml w tekturowym pudełku.
Podmiot odpowiedzialny
Informacja dostępna na opakowaniu.
Nazwa produktu
Sunlit N mg/ml roztwór, roztwór do wstrzykiwań
Skład jakościowy i ilościowy
1 ml roztworu zawiera 4 mg substancji czynnej (w postaci chlorowodorku) oraz 9 mg chlorku sodu jako środek izotoniczny.
Pełny wykaz substancji pomocniczych, patrz punkt 6.1.
Każda ampułka 5 ml zawiera 20 mg substancji czynnej. Każda ampułka 10 ml zawiera 40 mg substancji czynnej.
Postać farmaceutyczna
Roztwór do wstrzykiwań. Przezroczysty, bezbarwny roztwór, pH 4,0 – 6,0.
Wskazania do stosowania
Produkt leczniczy jest wskazany do stosowania u dorosłych i dzieci w wieku powyżej 12 lat w leczeniu objawowym:
- ostrych stanów bólowych o nasileniu umiarkowanym do ciężkiego,
- bólu pooperacyjnego, gdy podanie doustne nie jest możliwe,
- jako leczenie wspomagające w znieczuleniu ogólnym.
Dawkowanie i sposób podawania
Dawkowanie należy ustalać indywidualnie w zależności od nasilenia bólu i reakcji pacjenta na leczenie.
Dorośli: zazwyczaj 2,5 – 5 mg podawane powoli dożylnie, w razie potrzeby powtarzane co 4 godziny.
Maksymalna dawka dobowa nie powinna przekraczać 40 mg.
Dzieci w wieku powyżej 12 lat: 0,05 – 0,1 mg/kg mc., maksymalnie 2,5 mg w pojedynczej dawce.
Osoby w podeszłym wieku: należy rozważyć zmniejszenie dawki.
Zaburzenia czynności wątroby lub nerek: zmniejszyć dawkę i wydłużyć odstępy między dawkami.
Sposób podawania: podanie dożylne, domięśniowe lub podskórne. Wstrzykiwać powoli przez co najmniej 2 – 3 minuty.
Masa ciała    Dawka         Objętość      Częstość
< 20 kg       1 mg          0,25 ml       co 6 godz.
20 – 40 kg    2 mg          0,5 ml        co 6 godz.
40 – 60 kg    2,5 mg        0,6 ml        co 4 godz.
> 60 kg       5 mg          1,25 ml       co 4 godz.
Przeciwwskazania
Nadwrażliwość na substancję czynną lub na którąkolwiek substancję pomocniczą.
Ciężka niewydolność oddechowa, ostra astma oskrzelowa.
Niedrożność porażenna jelit, ostre stany brzuszne o nieustalonej przyczynie.
Jednoczesne stosowanie inhibitorów MAO lub w okresie 14 dni od ich odstawienia.
Specjalne ostrzeżenia i środki ostrożności dotyczące stosowania
Należy zachować ostrożność u pacjentów z urazami głowy, zwiększonym ciśnieniem śródczaszkowym, niedociśnieniem tętniczym, hipowolemią.
Długotrwałe stosowanie może prowadzić do rozwoju tolerancji oraz uzależnienia fizycznego i psychicznego.
Nagłe przerwanie leczenia może wywołać zespół odstawienia.
Produkt leczniczy zawiera mniej niż 1 mmol (23 mg) sodu na dawkę, to znaczy uznaje się go za „wolny od sodu”.
Interakcje z innymi produktami leczniczymi
Jednoczesne stosowanie z lekami działającymi depresyjnie na ośrodkowy układ nerwowy (benzodiazepiny, barbiturany, leki przeciwpsychotyczne, alkohol) może nasilać działanie depresyjne na oddychanie.
Inhibitory CYP3A4 mogą zwiększać stężenie substancji czynnej w osoczu.
Wpływ na płodność, ciążę i laktację
Ciąża: produkt może być stosowany w czasie ciąży tylko wtedy, gdy korzyść dla matki przewyższa ryzyko dla płodu.
Karmienie piersią: substancja czynna przenika do mleka kobiecego; należy zachować ostrożność.
Wpływ na zdolność prowadzenia pojazdów
Produkt leczniczy wywiera znaczny wpływ na zdolność prowadzenia pojazdów i obsługiwania maszyn.
Działania niepożądane
Bardzo często: nudności, wymioty, zawroty głowy, senność.
Często: zaparcia, świąd, pocenie się, suchość w ustach, ból głowy.
Niezbyt często: depresja oddechowa, niedociśnienie, bradykardia, zatrzymanie moczu.
Rzadko: reakcje anafilaktyczne, skurcz oskrzeli, drgawki.
Przedawkowanie
Objawy: zwężenie źrenic, depresja oddechowa, śpiączka, niedociśnienie.
Postępowanie: zapewnienie drożności dróg oddechowych, wentylacja wspomagana, podanie antagonisty receptorów opioidowych (nalokson).
Właściwości farmakodynamiczne
Grupa farmakoterapeutyczna: leki przeciwbólowe, opioidy. Kod ATC: N02AB.
Właściwości farmakokinetyczne
Po podaniu dożylnym początek działania występuje po 1 – 2 minutach, maksymalne działanie po 5 – 10 minutach.
Okres półtrwania w fazie eliminacji wynosi 3 – 4 godziny.
Przedkliniczne dane o bezpieczeństwie
Dane niekliniczne nie ujawniają szczególnego zagrożenia dla człowieka.
Wykaz substancji pomocniczych
Sodu chlorek, kwas solny (do ustalenia pH), woda do wstrzykiwań.
Niezgodności farmaceutyczne
Nie mieszać z innymi produktami leczniczymi.
Okres ważności
3 lata. Po pierwszym otwarciu: zużyć natychmiast.
Specjalne środki ostrożności podczas przechowywania
Przechowywać w temperaturze poniżej 25°C. Chronić od światła.
Rodzaj i zawartość opakowania
10 ampułek po 5 ml lub 10 ml w tekturowym pudełku.
Podmiot odpowiedzialny
Informacja dostępna na opakowaniu.
Nazwa produktu
Sunlit N mg/ml roztwór, roztwór do wstrzykiwań
Skład jakościowy i ilościowy
1 ml roztworu zawiera 4 mg substancji czynnej (w postaci chlorowodorku) oraz 9 mg chlorku sodu jako środek izotoniczny.
Pełny wykaz substancji pomocniczych, patrz punkt 6.1.
Każda ampułka 5 ml zawiera 20 mg substancji czynnej. Każda ampułka 10 ml zawiera 40 mg substancji czynnej.
Postać farmaceutyczna
Roztwór do wstrzykiwań. Przezroczysty, bezbarwny roztwór, pH 4,0 – 6,0.
Wskazania do stosowania
Produkt leczniczy jest wskazany do stosowania u dorosłych i dzieci w wieku powyżej 12 lat w leczeniu objawowym:
- ostrych stanów bólowych o nasileniu umiarkowanym do ciężkiego,
- bólu pooperacyjnego, gdy podanie doustne nie jest możliwe,
- jako leczenie wspomagające w znieczuleniu ogólnym.
Dawkowanie i sposób podawania
Dawkowanie należy ustalać indywidualnie w zależności od nasilenia bólu i reakcji pacjenta na leczenie.
Dorośli: zazwyczaj 2,5 – 5 mg podawane powoli dożylnie, w razie potrzeby powtarzane co 4 godziny.
Maksymalna dawka dobowa nie powinna przekraczać 40 mg.
Dzieci w wieku powyżej 12 lat: 0,05 – 0,1 mg/kg mc., maksymalnie 2,5 mg w pojedynczej dawce.
Osoby w podeszłym wieku: należy rozważyć zmniejszenie dawki.
Zaburzenia czynności wątroby lub nerek: zmniejszyć dawkę i wydłużyć odstępy między dawkami.
Sposób podawania: podanie dożylne, domięśniowe lub podskórne. Wstrzykiwać powoli przez co najmniej 2 – 3 minuty.
Masa ciała    Dawka         Objętość      Częstość
< 20 kg       1 mg          0,25 ml       co 6 godz.
20 – 40 kg    2 mg          0,5 ml        co 6 godz.
40 – 60 kg    2,5 mg        0,6 ml        co 4 godz.
> 60 kg       5 mg          1,25 ml       co 4 godz.
Przeciwwskazania
Nadwrażliwość na substancję czynną lub na którąkolwiek substancję pomocniczą.
Ciężka niewydolność oddechowa, ostra astma oskrzelowa.
Niedrożność porażenna jelit, ostre stany brzuszne o nieustalonej przyczynie.
Jednoczesne stosowanie inhibitorów MAO lub w okresie 14 dni od ich odstawienia.
Specjalne ostrzeżenia i środki ostrożności dotyczące stosowania
Należy zachować ostrożność u pacjentów z urazami głowy, zwiększonym ciśnieniem śródczaszkowym, niedociśnieniem tętniczym, hipowolemią.
Długotrwałe stosowanie może prowadzić do rozwoju tolerancji oraz uzależnienia fizycznego i psychicznego.
Nagłe przerwanie leczenia może wywołać zespół odstawienia.
Produkt leczniczy zawiera mniej niż 1 mmol (23 mg) sodu na dawkę, to znaczy uznaje się go za „wolny od sodu”.
Interakcje z innymi produktami leczniczymi
Jednoczesne stosowanie z lekami działającymi depresyjnie na ośrodkowy układ nerwowy (benzodiazepiny, barbiturany, leki przeciwpsychotyczne, alkohol) może nasilać działanie depresyjne na oddychanie.
Inhibitory CYP3A4 mogą zwiększać stężenie substancji czynnej w osoczu.
Wpływ na płodność, ciążę i laktację
Ciąża: produkt może być stosowany w czasie ciąży tylko wtedy, gdy korzyść dla matki przewyższa ryzyko dla płodu.
Karmienie piersią: substancja czynna przenika do mleka kobiecego; należy zachować ostrożność.
Wpływ na zdolność prowadzenia pojazdów
Produkt leczniczy wywiera znaczny wpływ na zdolność prowadzenia pojazdów i obsługiwania maszyn.
Działania niepożądane
Bardzo często: nudności, wymioty, zawroty głowy, senność.
Często: zaparcia, świąd, pocenie się, suchość w ustach, ból głowy.
Niezbyt często: depresja oddechowa, niedociśnienie, bradykardia, zatrzymanie moczu.
Rzadko: reakcje anafilaktyczne, skurcz oskrzeli, drgawki.
Przedawkowanie
Objawy: zwężenie źrenic, depresja oddechowa, śpiączka, niedociśnienie.
Postępowanie: zapewnienie drożności dróg oddechowych, wentylacja wspomagana, podanie antagonisty receptorów opioidowych (nalokson).
Właściwości farmakodynamiczne
Grupa farmakoterapeutyczna: leki przeciwbólowe, opioidy. Kod ATC: N02AB.
Właściwości farmakokinetyczne
Po podaniu dożylnym początek działania występuje po 1 – 2 minutach, maksymalne działanie po 5 – 10 minutach.
Okres półtrwania w fazie eliminacji wynosi 3 – 4 godziny.
Przedkliniczne dane o bezpieczeństwie
Dane niekliniczne nie ujawniają szczególnego zagrożenia dla człowieka.
Wykaz substancji pomocniczych
Sodu chlorek, kwas solny (do ustalenia pH), woda do wstrzykiwań.
Niezgodności farmaceutyczne
Nie mieszać z innymi produktami leczniczymi.
Okres ważności
3 lata. Po pierwszym otwarciu: zużyć natychmiast.
Specjalne środki ostrożności podczas przechowywania
Przechowywać w temperaturze poniżej 25°C. Chronić od światła.
Rodzaj i zawartość opakowania
10 ampułek po 5 ml lub 10 ml w tekturowym pudełku.
Podmiot odpowiedzialny
Informacja dostępna na opakowaniu.
Nazwa produktu
Sunlit N mg/ml roztwór, roztwór do wstrzykiwań
Skład jakościowy i ilościowy
1 ml roztworu zawiera 4 mg substancji czynnej (w postaci chlorowodorku) oraz 9 mg chlorku sodu jako środek izotoniczny.
Pełny wykaz substancji pomocniczych, patrz punkt 6.1.
Każda ampułka 5 ml zawiera 20 mg substancji czynnej. Każda ampułka 10 ml zawiera 40 mg substancji czynnej.
Postać farmaceutyczna
Roztwór do wstrzykiwań. Przezroczysty, bezbarwny roztwór, pH 4,0 – 6,0.
Wskazania do stosowania
Produkt leczniczy jest wskazany do stosowania u dorosłych i dzieci w wieku powyżej 12 lat w leczeniu objawowym:
- ostrych stanów bólowych o nasileniu umiarkowanym do ciężkiego,
- bólu pooperacyjnego, gdy podanie doustne nie jest możliwe,
- jako leczenie wspomagające w znieczuleniu ogólnym.
Dawkowanie i sposób podawania
Dawkowanie należy ustalać indywidualnie w zależności od nasilenia bólu i reakcji pacjenta na leczenie.
Dorośli: zazwyczaj 2,5 – 5 mg podawane powoli dożylnie, w razie potrzeby powtarzane co 4 godziny.
Maksymalna dawka dobowa nie powinna przekraczać 40 mg.
Dzieci w wieku powyżej 12 lat: 0,05 – 0,1 mg/kg mc., maksymalnie 2,5 mg w pojedynczej dawce.
Osoby w podeszłym wieku: należy rozważyć zmniejszenie dawki.
Zaburzenia czynności wątroby lub nerek: zmniejszyć dawkę i wydłużyć odstępy między dawkami.
Sposób podawania: podanie dożylne, domięśniowe lub podskórne. Wstrzykiwać powoli przez co najmniej 2 – 3 minuty.
Masa ciała    Dawka         Objętość      Częstość
< 20 kg       1 mg          0,25 ml       co 6 godz.
20 – 40 kg    2 mg          0,5 ml        co 6 godz.
40 – 60 kg    2,5 mg        0,6 ml        co 4 godz.
> 60 kg       5 mg          1,25 ml       co 4 godz.
Przeciwwskazania
Nadwrażliwość na substancję czynną lub na którąkolwiek substancję pomocniczą.
Ciężka niewydolność oddechowa, ostra astma oskrzelowa.
Niedrożność porażenna jelit, ostre stany brzuszne o nieustalonej przyczynie.
Jednoczesne stosowanie inhibitorów MAO lub w okresie 14 dni od ich odstawienia.
